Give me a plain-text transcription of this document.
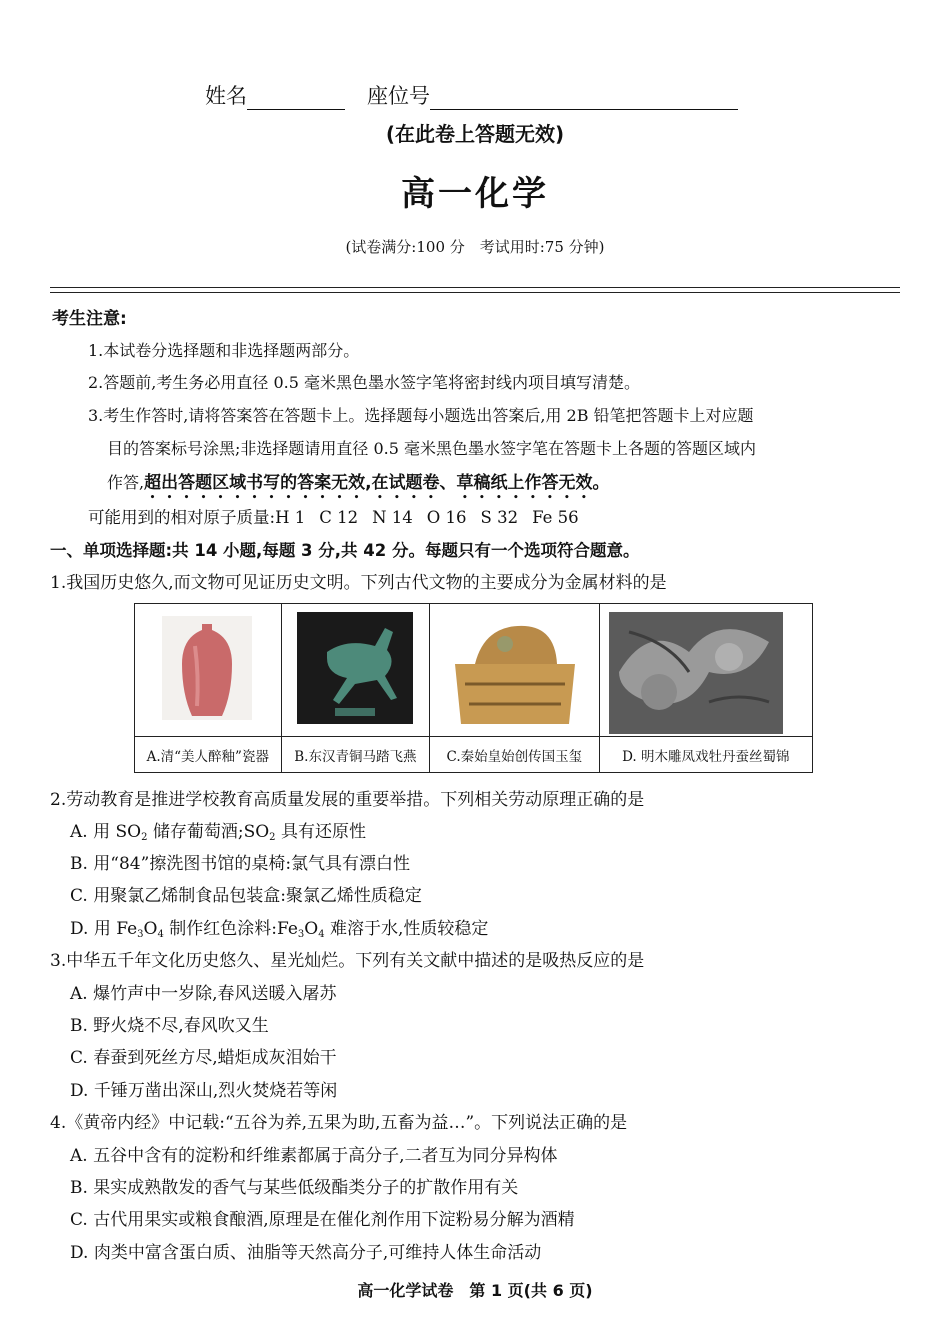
姓名	座位号
(在此卷上答题无效)
高一化学
(试卷满分:100 分　考试用时:75 分钟)
考生注意:
1.本试卷分选择题和非选择题两部分。
2.答题前,考生务必用直径 0.5 毫米黑色墨水签字笔将密封线内项目填写清楚。
3.考生作答时,请将答案答在答题卡上。选择题每小题选出答案后,用 2B 铅笔把答题卡上对应题
目的答案标号涂黑;非选择题请用直径 0.5 毫米黑色墨水签字笔在答题卡上各题的答题区域内
作答,超出答题区域书写的答案无效,在试题卷、草稿纸上作答无效。
可能用到的相对原子质量:H 1 C 12 N 14 O 16 S 32 Fe 56
一、单项选择题:共 14 小题,每题 3 分,共 42 分。每题只有一个选项符合题意。
1.我国历史悠久,而文物可见证历史文明。下列古代文物的主要成分为金属材料的是
A.清“美人醉釉”瓷器	B.东汉青铜马踏飞燕	C.秦始皇始创传国玉玺	D. 明木雕凤戏牡丹蚕丝蜀锦
2.劳动教育是推进学校教育高质量发展的重要举措。下列相关劳动原理正确的是
A. 用 $SO_2$ 储存葡萄酒$;SO_2$ 具有还原性
B. 用“84”擦洗图书馆的桌椅:氯气具有漂白性
C. 用聚氯乙烯制食品包装盒:聚氯乙烯性质稳定
D. 用 $Fe_3O_4$ 制作红色涂料$:Fe_3O_4$ 难溶于水,性质较稳定
3.中华五千年文化历史悠久、星光灿烂。下列有关文献中描述的是吸热反应的是
A. 爆竹声中一岁除,春风送暖入屠苏
B. 野火烧不尽,春风吹又生
C. 春蚕到死丝方尽,蜡炬成灰泪始干
D. 千锤万凿出深山,烈火焚烧若等闲
4.《黄帝内经》中记载:“五谷为养,五果为助,五畜为益…”。下列说法正确的是
A. 五谷中含有的淀粉和纤维素都属于高分子,二者互为同分异构体
B. 果实成熟散发的香气与某些低级酯类分子的扩散作用有关
C. 古代用果实或粮食酿酒,原理是在催化剂作用下淀粉易分解为酒精
D. 肉类中富含蛋白质、油脂等天然高分子,可维持人体生命活动
高一化学试卷　第 1 页(共 6 页)
